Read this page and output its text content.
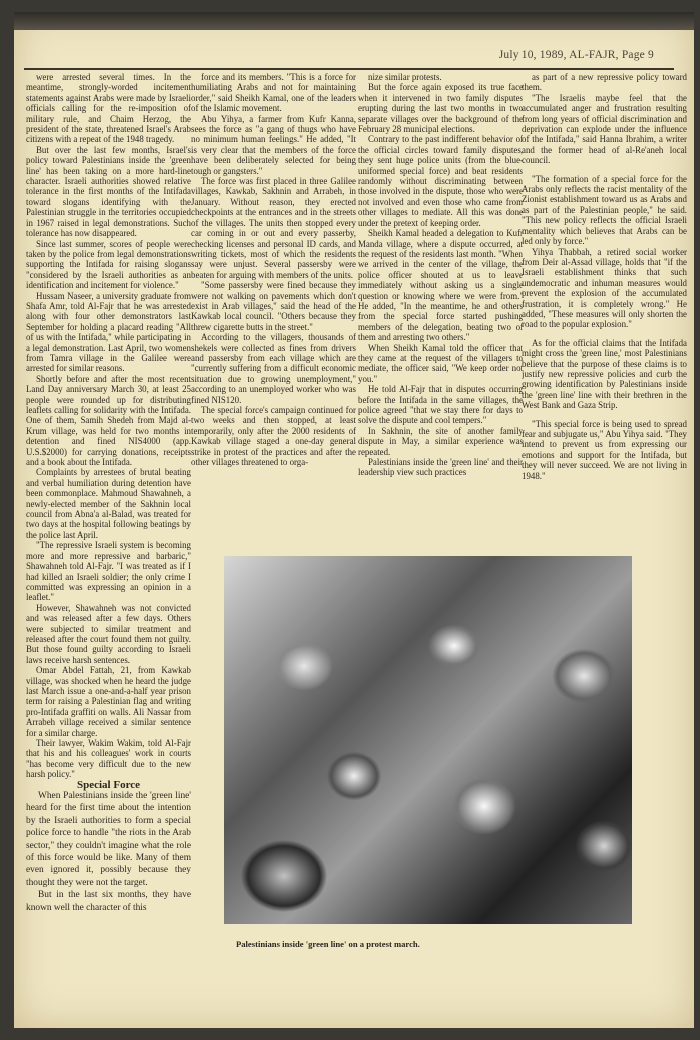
July 10, 1989, AL-FAJR, Page 9

were arrested several times. In the meantime, strongly-worded incitement statements against Arabs were made by Israeli officials calling for the re-imposition of military rule, and Chaim Herzog, the president of the state, threatened Israel's Arab citizens with a repeat of the 1948 tragedy.

But over the last few months, Israel's policy toward Palestinians inside the 'green line' has been taking on a more hard-line character. Israeli authorities showed relative tolerance in the first months of the Intifada toward slogans identifying with the Palestinian struggle in the territories occupied in 1967 raised in legal demonstrations. Such tolerance has now disappeared.

Since last summer, scores of people were taken by the police from legal demonstrations supporting the Intifada for raising slogans "considered by the Israeli authorities as an identification and incitement for violence."

Hussam Naseer, a university graduate from Shafa Amr, told Al-Fajr that he was arrested along with four other demonstrators last September for holding a placard reading "All of us with the Intifada," while participating in a legal demonstration. Last April, two women from Tamra village in the Galilee were arrested for similar reasons.

Shortly before and after the most recent Land Day anniversary March 30, at least 25 people were rounded up for distributing leaflets calling for solidarity with the Intifada. One of them, Samih Shedeh from Majd al-Krum village, was held for two months in detention and fined NIS4000 (app. U.S.$2000) for carrying donations, receipts and a book about the Intifada.

Complaints by arrestees of brutal beating and verbal humiliation during detention have been commonplace. Mahmoud Shawahneh, a newly-elected member of the Sakhnin local council from Abna'a al-Balad, was treated for two days at the hospital following beatings by the police last April.

"The repressive Israeli system is becoming more and more repressive and barbaric," Shawahneh told Al-Fajr. "I was treated as if I had killed an Israeli soldier; the only crime I committed was expressing an opinion in a leaflet."

However, Shawahneh was not convicted and was released after a few days. Others were subjected to similar treatment and released after the court found them not guilty. But those found guilty according to Israeli laws receive harsh sentences.

Omar Abdel Fattah, 21, from Kawkab village, was shocked when he heard the judge last March issue a one-and-a-half year prison term for raising a Palestinian flag and writing pro-Intifada graffiti on walls. Ali Nassar from Arrabeh village received a similar sentence for a similar charge.

Their lawyer, Wakim Wakim, told Al-Fajr that his and his colleagues' work in courts "has become very difficult due to the new harsh policy."

Special Force

When Palestinians inside the 'green line' heard for the first time about the intention by the Israeli authorities to form a special police force to handle "the riots in the Arab sector," they couldn't imagine what the role of this force would be like. Many of them even ignored it, possibly because they thought they were not the target.

But in the last six months, they have known well the character of this

force and its members. "This is a force for humiliating Arabs and not for maintaining order," said Sheikh Kamal, one of the leaders of the Islamic movement.

Abu Yihya, a farmer from Kufr Kanna, sees the force as "a gang of thugs who have no minimum human feelings." He added, "It is very clear that the members of the force have been deliberately selected for being tough or gangsters."

The force was first placed in three Galilee villages, Kawkab, Sakhnin and Arrabeh, in January. Without reason, they erected checkpoints at the entrances and in the streets of the villages. The units then stopped every car coming in or out and every passerby, checking licenses and personal ID cards, and writing tickets, most of which the residents say were unjust. Several passersby were beaten for arguing with members of the units.

"Some passersby were fined because they were not walking on pavements which don't exist in Arab villages," said the head of the Kawkab local council. "Others because they threw cigarette butts in the street."

According to the villagers, thousands of shekels were collected as fines from drivers and passersby from each village which are "currently suffering from a difficult economic situation due to growing unemployment," according to an unemployed worker who was fined NIS120.

The special force's campaign continued for two weeks and then stopped, at least temporarily, only after the 2000 residents of Kawkab village staged a one-day general strike in protest of the practices and after the other villages threatened to orga-

nize similar protests.

But the force again exposed its true face when it intervened in two family disputes erupting during the last two months in two separate villages over the background of the February 28 municipal elections.

Contrary to the past indifferent behavior of the official circles toward family disputes, they sent huge police units (from the blue-uniformed special force) and beat residents randomly without discriminating between those involved in the dispute, those who were not involved and even those who came from other villages to mediate. All this was done under the pretext of keeping order.

Sheikh Kamal headed a delegation to Kufr Manda village, where a dispute occurred, at the request of the residents last month. "When we arrived in the center of the village, the police officer shouted at us to leave immediately without asking us a single question or knowing where we were from." He added, "In the meantime, he and others from the special force started pushing members of the delegation, beating two of them and arresting two others."

When Sheikh Kamal told the officer that they came at the request of the villagers to mediate, the officer said, "We keep order not you."

He told Al-Fajr that in disputes occurring before the Intifada in the same villages, the police agreed "that we stay there for days to solve the dispute and cool tempers."

In Sakhnin, the site of another family dispute in May, a similar experience was repeated.

Palestinians inside the 'green line' and their leadership view such practices

as part of a new repressive policy toward them.

"The Israelis maybe feel that the accumulated anger and frustration resulting from long years of official discrimination and deprivation can explode under the influence of the Intifada," said Hanna Ibrahim, a writer and the former head of al-Re'aneh local council.

"The formation of a special force for the Arabs only reflects the racist mentality of the Zionist establishment toward us as Arabs and as part of the Palestinian people," he said. "This new policy reflects the official Israeli mentality which believes that Arabs can be led only by force."

Yihya Thabbah, a retired social worker from Deir al-Assad village, holds that "if the Israeli establishment thinks that such undemocratic and inhuman measures would prevent the explosion of the accumulated frustration, it is completely wrong." He added, "These measures will only shorten the road to the popular explosion."

As for the official claims that the Intifada might cross the 'green line,' most Palestinians believe that the purpose of these claims is to justify new repressive policies and curb the growing identification by Palestinians inside the 'green line' line with their brethren in the West Bank and Gaza Strip.

"This special force is being used to spread fear and subjugate us," Abu Yihya said. "They intend to prevent us from expressing our emotions and support for the Intifada, but they will never succeed. We are not living in 1948."

Palestinians inside 'green line' on a protest march.
